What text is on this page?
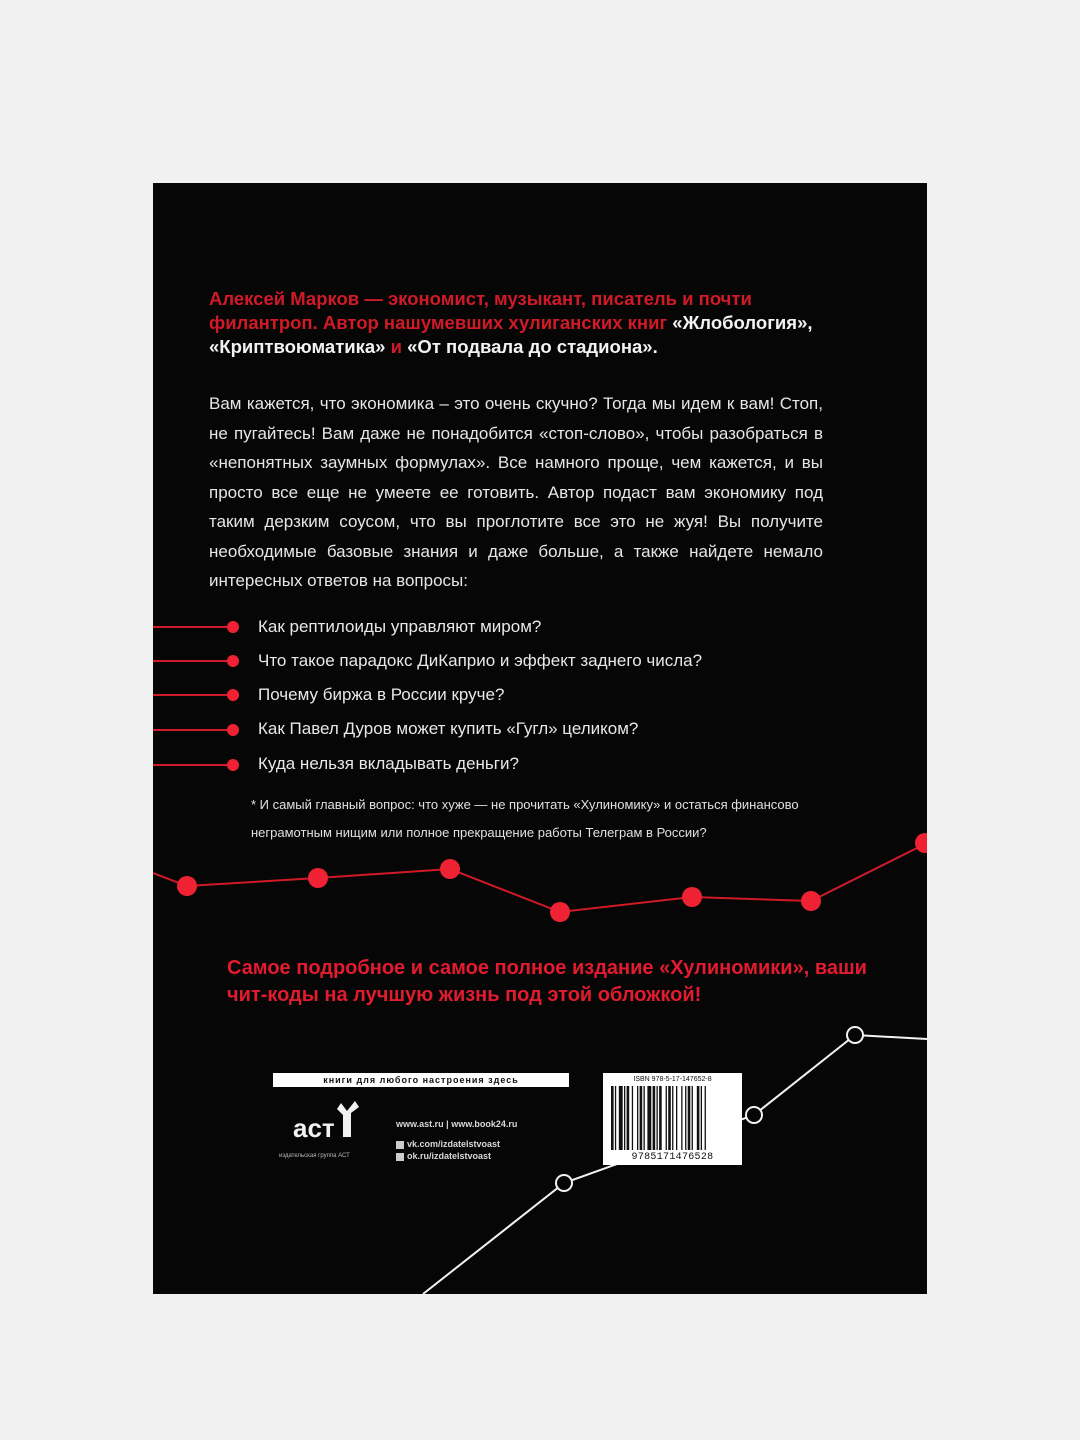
Алексей Марков — экономист, музыкант, писатель и почти филантроп. Автор нашумевших хулиганских книг «Жлобология», «Криптвоюматика» и «От подвала до стадиона».

Вам кажется, что экономика – это очень скучно? Тогда мы идем к вам! Стоп, не пугайтесь! Вам даже не понадобится «стоп-слово», чтобы разобраться в «непонятных заумных формулах». Все намного проще, чем кажется, и вы просто все еще не умеете ее готовить. Автор подаст вам экономику под таким дерзким соусом, что вы проглотите все это не жуя! Вы получите необходимые базовые знания и даже больше, а также найдете немало интересных ответов на вопросы:

Как рептилоиды управляют миром?
Что такое парадокс ДиКаприо и эффект заднего числа?
Почему биржа в России круче?
Как Павел Дуров может купить «Гугл» целиком?
Куда нельзя вкладывать деньги?

* И самый главный вопрос: что хуже — не прочитать «Хулиномику» и остаться финансово неграмотным нищим или полное прекращение работы Телеграм в России?

Самое подробное и самое полное издание «Хулиномики», ваши чит-коды на лучшую жизнь под этой обложкой!

книги для любого настроения здесь
аст
издательская группа АСТ
www.ast.ru | www.book24.ru
vk.com/izdatelstvoast
ok.ru/izdatelstvoast
ISBN 978-5-17-147652-8
9785171476528
